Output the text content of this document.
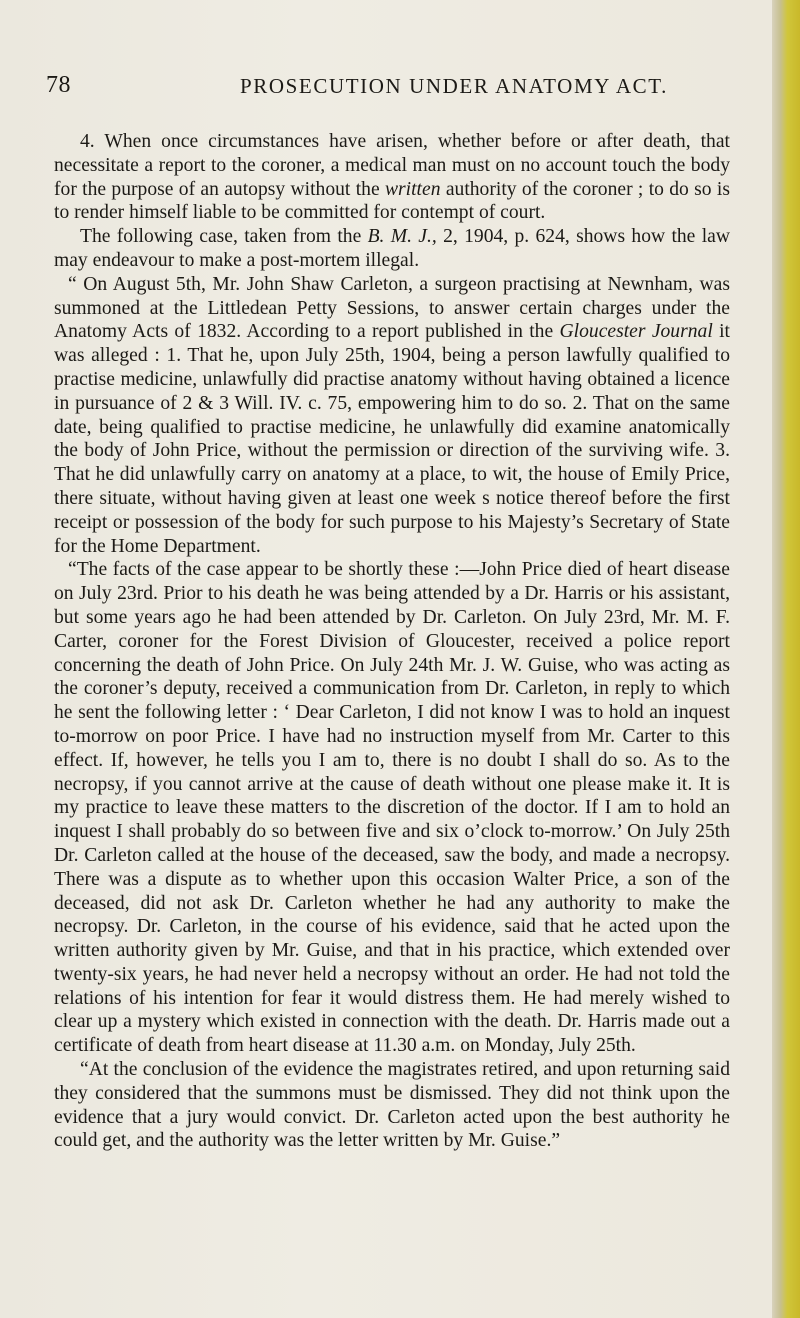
78	PROSECUTION UNDER ANATOMY ACT.

4. When once circumstances have arisen, whether before or after death, that necessitate a report to the coroner, a medical man must on no account touch the body for the purpose of an autopsy without the written authority of the coroner ; to do so is to render himself liable to be committed for contempt of court.

The following case, taken from the B. M. J., 2, 1904, p. 624, shows how the law may endeavour to make a post-mortem illegal.

“ On August 5th, Mr. John Shaw Carleton, a surgeon practising at Newnham, was summoned at the Littledean Petty Sessions, to answer certain charges under the Anatomy Acts of 1832. According to a report published in the Gloucester Journal it was alleged : 1. That he, upon July 25th, 1904, being a person lawfully qualified to practise medicine, unlawfully did practise anatomy without having obtained a licence in pursuance of 2 & 3 Will. IV. c. 75, empowering him to do so. 2. That on the same date, being qualified to practise medicine, he unlawfully did examine anatomically the body of John Price, without the permission or direction of the surviving wife. 3. That he did unlawfully carry on anatomy at a place, to wit, the house of Emily Price, there situate, without having given at least one week s notice thereof before the first receipt or possession of the body for such purpose to his Majesty’s Secretary of State for the Home Department.

“The facts of the case appear to be shortly these :—John Price died of heart disease on July 23rd. Prior to his death he was being attended by a Dr. Harris or his assistant, but some years ago he had been attended by Dr. Carleton. On July 23rd, Mr. M. F. Carter, coroner for the Forest Division of Gloucester, received a police report concerning the death of John Price. On July 24th Mr. J. W. Guise, who was acting as the coroner’s deputy, received a communication from Dr. Carleton, in reply to which he sent the following letter : ‘ Dear Carleton, I did not know I was to hold an inquest to-morrow on poor Price. I have had no instruction myself from Mr. Carter to this effect. If, however, he tells you I am to, there is no doubt I shall do so. As to the necropsy, if you cannot arrive at the cause of death without one please make it. It is my practice to leave these matters to the discretion of the doctor. If I am to hold an inquest I shall probably do so between five and six o’clock to-morrow.’ On July 25th Dr. Carleton called at the house of the deceased, saw the body, and made a necropsy. There was a dispute as to whether upon this occasion Walter Price, a son of the deceased, did not ask Dr. Carleton whether he had any authority to make the necropsy. Dr. Carleton, in the course of his evidence, said that he acted upon the written authority given by Mr. Guise, and that in his practice, which extended over twenty-six years, he had never held a necropsy without an order. He had not told the relations of his intention for fear it would distress them. He had merely wished to clear up a mystery which existed in connection with the death. Dr. Harris made out a certificate of death from heart disease at 11.30 a.m. on Monday, July 25th.

“At the conclusion of the evidence the magistrates retired, and upon returning said they considered that the summons must be dismissed. They did not think upon the evidence that a jury would convict. Dr. Carleton acted upon the best authority he could get, and the authority was the letter written by Mr. Guise.”
